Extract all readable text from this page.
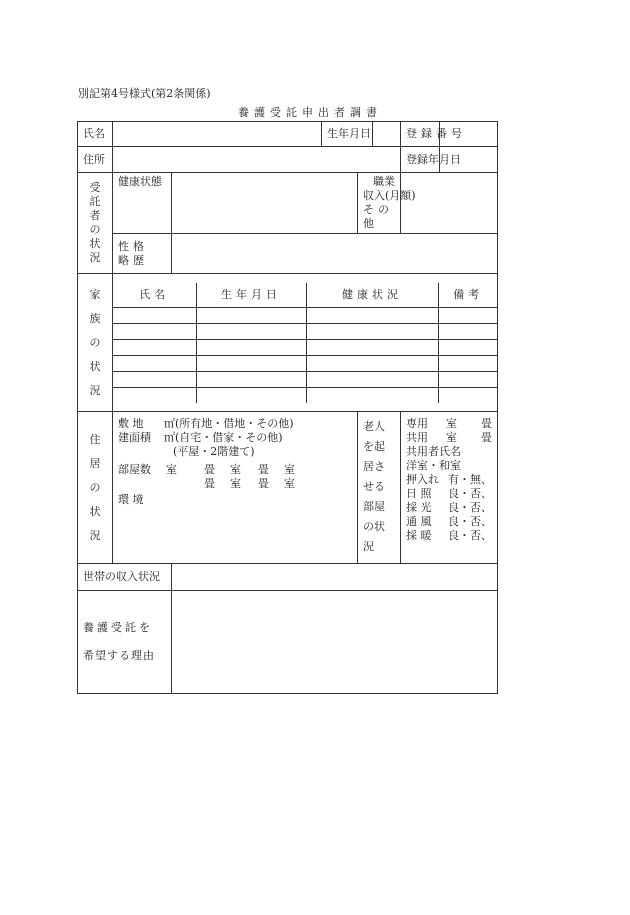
別記第4号様式(第2条関係)
養護受託申出者調書
氏名		生年月日		登録番号	
住所		登録年月日	

受
託
者
の
状
況
	健康状態		職業
収入(月額)
その他

性格
略歴

家
族
の
状
況

氏名	生年月日	健康状況	備考

住
居
の
状
況

敷 地	㎡(所有地・借地・その他)
建面積	㎡(自宅・借家・その他)
(平屋・2階建て)
部屋数	室	畳	室	畳	室
畳	室	畳	室
環 境

老人を起
居させる
部屋の状
況

専用 室 畳
共用 室 畳
共用者氏名
洋室・和室
押入れ 有・無、
日 照 良・否、
採 光 良・否、
通 風 良・否、
採 暖 良・否、

世帯の収入状況	

養護受託を
希望する理由
